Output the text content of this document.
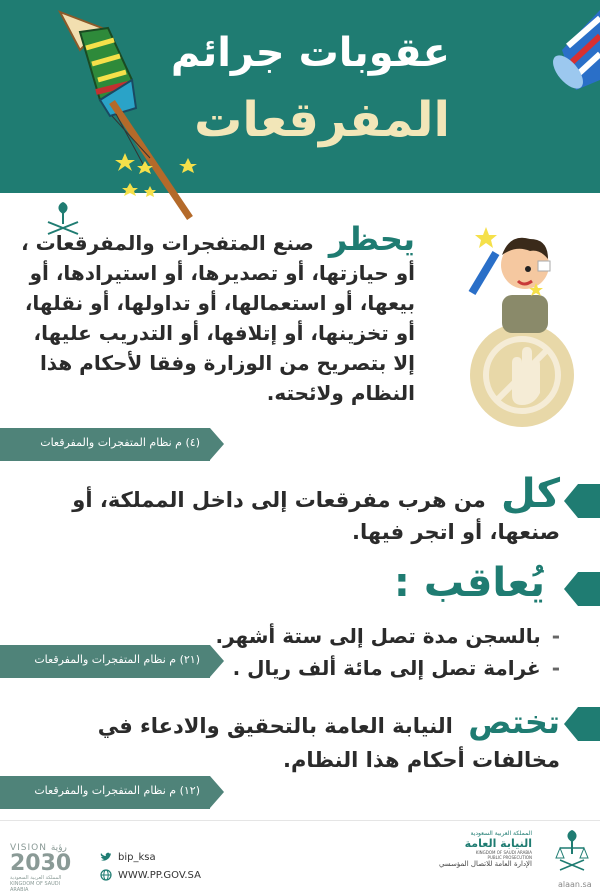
عقوبات جرائم
المفرقعات
يحظر صنع المتفجرات والمفرقعات ، أو حيازتها، أو تصديرها، أو استيرادها، أو بيعها، أو استعمالها، أو تداولها، أو نقلها، أو تخزينها، أو إتلافها، أو التدريب عليها، إلا بتصريح من الوزارة وفقا لأحكام هذا النظام ولائحته.
(٤) م نظام المتفجرات والمفرقعات
كل من هرب مفرقعات إلى داخل المملكة، أو صنعها، أو اتجر فيها.
يُعاقب :
- بالسجن مدة تصل إلى ستة أشهر.
- غرامة تصل إلى مائة ألف ريال .
(٢١) م نظام المتفجرات والمفرقعات
تختص النيابة العامة بالتحقيق والادعاء في مخالفات أحكام هذا النظام.
(١٢) م نظام المتفجرات والمفرقعات
VISION رؤية
2030
المملكة العربية السعودية KINGDOM OF SAUDI ARABIA
bip_ksa
WWW.PP.GOV.SA
المملكة العربية السعودية
النيابة العامة
KINGDOM OF SAUDI ARABIA
PUBLIC PROSECUTION
الإدارة العامة للاتصال المؤسسي
alaan.sa
